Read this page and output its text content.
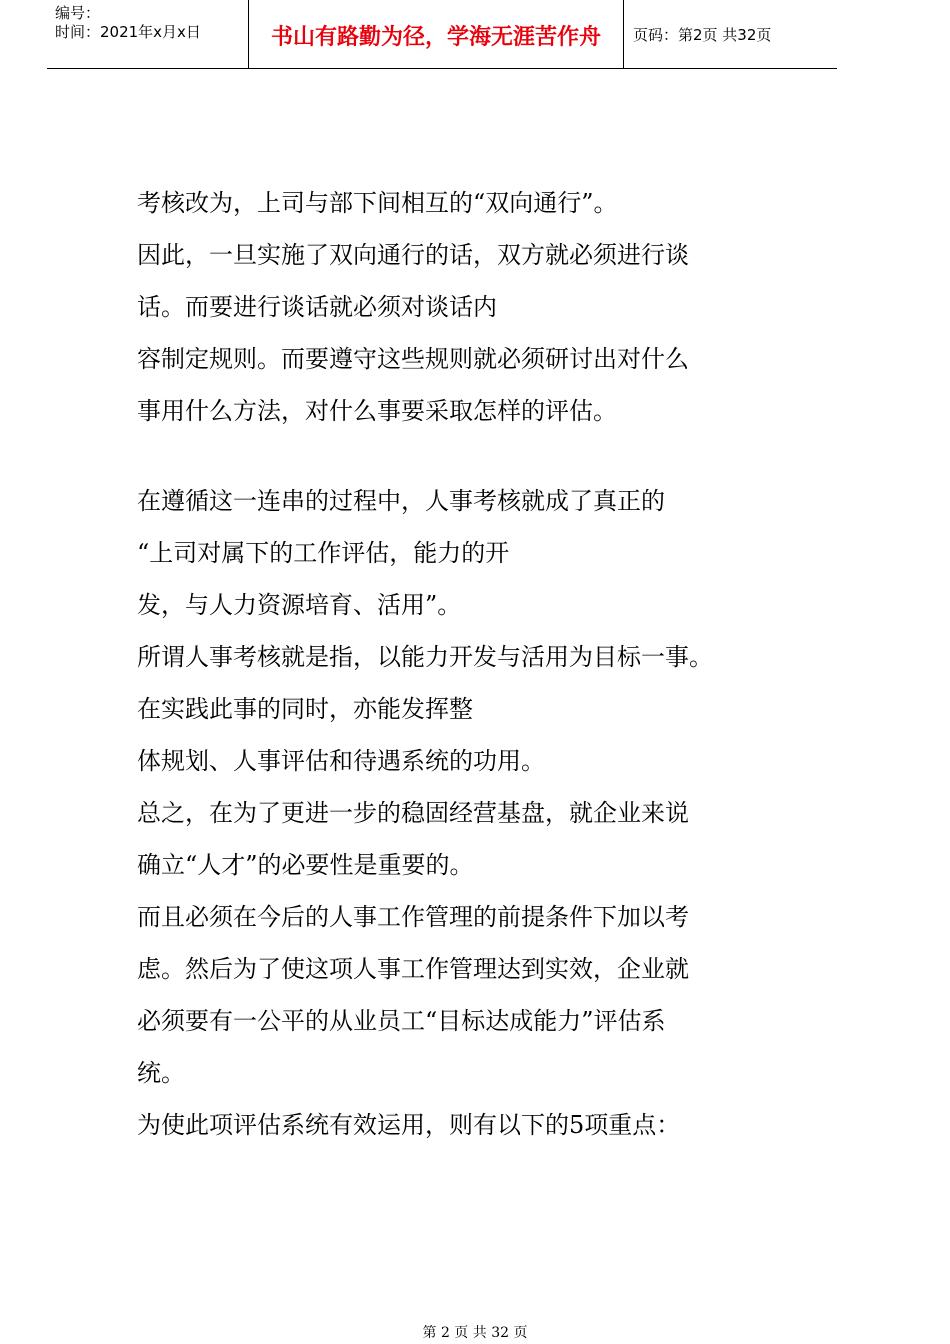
编号：
时间：2021年x月x日	书山有路勤为径，学海无涯苦作舟	页码：第2页 共32页
考核改为，上司与部下间相互的“双向通行”。
因此，一旦实施了双向通行的话，双方就必须进行谈
话。而要进行谈话就必须对谈话内
容制定规则。而要遵守这些规则就必须研讨出对什么
事用什么方法，对什么事要采取怎样的评估。
在遵循这一连串的过程中，人事考核就成了真正的
“上司对属下的工作评估，能力的开
发，与人力资源培育、活用”。
所谓人事考核就是指，以能力开发与活用为目标一事。
在实践此事的同时，亦能发挥整
体规划、人事评估和待遇系统的功用。
总之，在为了更进一步的稳固经营基盘，就企业来说
确立“人才”的必要性是重要的。
而且必须在今后的人事工作管理的前提条件下加以考
虑。然后为了使这项人事工作管理达到实效，企业就
必须要有一公平的从业员工“目标达成能力”评估系
统。
为使此项评估系统有效运用，则有以下的5项重点：
第 2 页 共 32 页
